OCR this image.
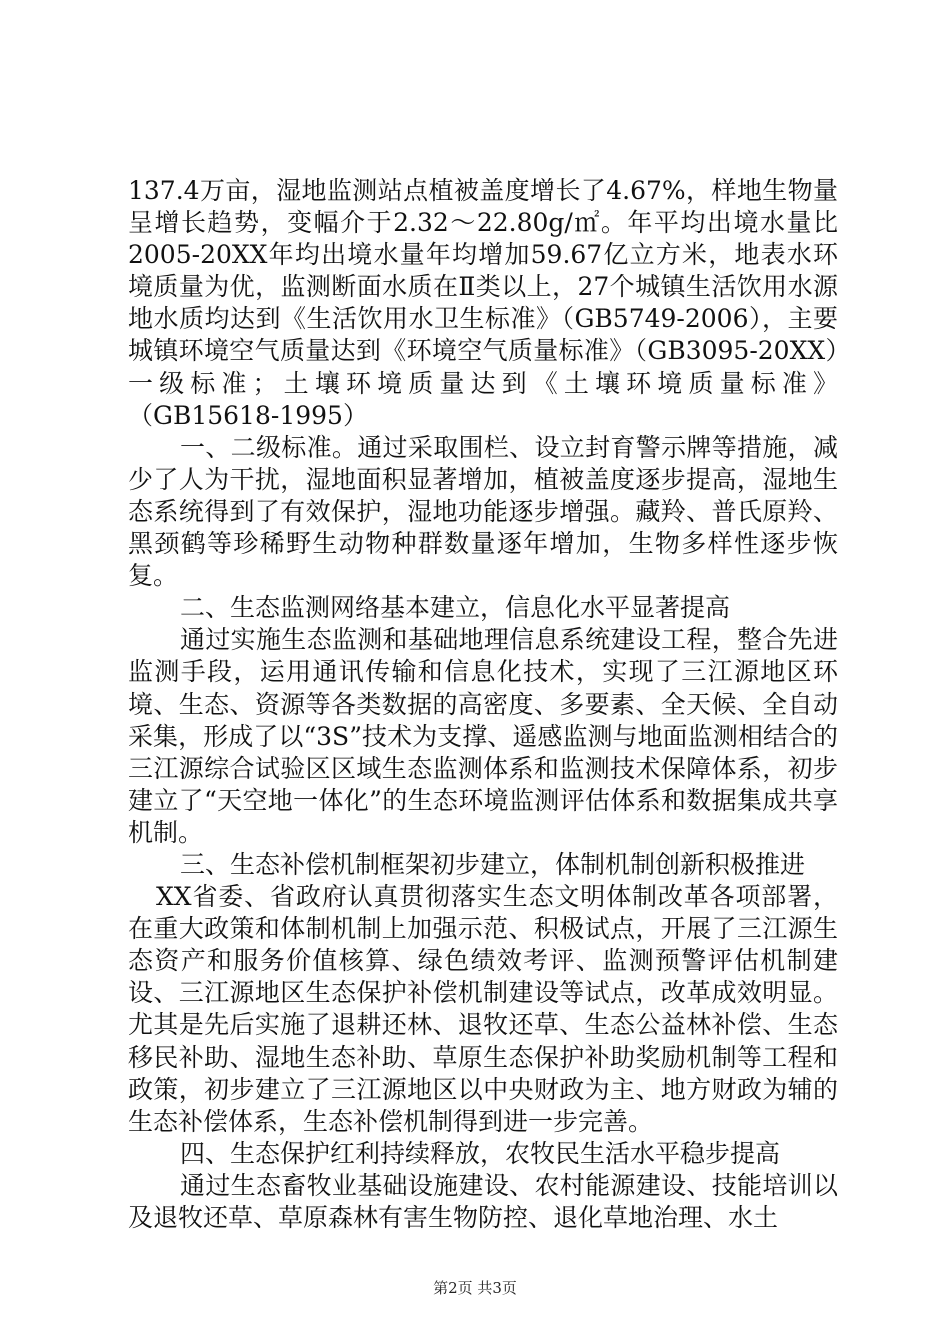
137.4万亩，湿地监测站点植被盖度增长了4.67%，样地生物量呈增长趋势，变幅介于2.32～22.80g/㎡。年平均出境水量比2005-20XX年均出境水量年均增加59.67亿立方米，地表水环境质量为优，监测断面水质在Ⅱ类以上，27个城镇生活饮用水源地水质均达到《生活饮用水卫生标准》（GB5749-2006），主要城镇环境空气质量达到《环境空气质量标准》（GB3095-20XX）一级标准；土壤环境质量达到《土壤环境质量标准》（GB15618-1995）

一、二级标准。通过采取围栏、设立封育警示牌等措施，减少了人为干扰，湿地面积显著增加，植被盖度逐步提高，湿地生态系统得到了有效保护，湿地功能逐步增强。藏羚、普氏原羚、黑颈鹤等珍稀野生动物种群数量逐年增加，生物多样性逐步恢复。

二、生态监测网络基本建立，信息化水平显著提高

通过实施生态监测和基础地理信息系统建设工程，整合先进监测手段，运用通讯传输和信息化技术，实现了三江源地区环境、生态、资源等各类数据的高密度、多要素、全天候、全自动采集，形成了以“3S”技术为支撑、遥感监测与地面监测相结合的三江源综合试验区区域生态监测体系和监测技术保障体系，初步建立了“天空地一体化”的生态环境监测评估体系和数据集成共享机制。

三、生态补偿机制框架初步建立，体制机制创新积极推进

XX省委、省政府认真贯彻落实生态文明体制改革各项部署，在重大政策和体制机制上加强示范、积极试点，开展了三江源生态资产和服务价值核算、绿色绩效考评、监测预警评估机制建设、三江源地区生态保护补偿机制建设等试点，改革成效明显。尤其是先后实施了退耕还林、退牧还草、生态公益林补偿、生态移民补助、湿地生态补助、草原生态保护补助奖励机制等工程和政策，初步建立了三江源地区以中央财政为主、地方财政为辅的生态补偿体系，生态补偿机制得到进一步完善。

四、生态保护红利持续释放，农牧民生活水平稳步提高

通过生态畜牧业基础设施建设、农村能源建设、技能培训以及退牧还草、草原森林有害生物防控、退化草地治理、水土

第2页 共3页
